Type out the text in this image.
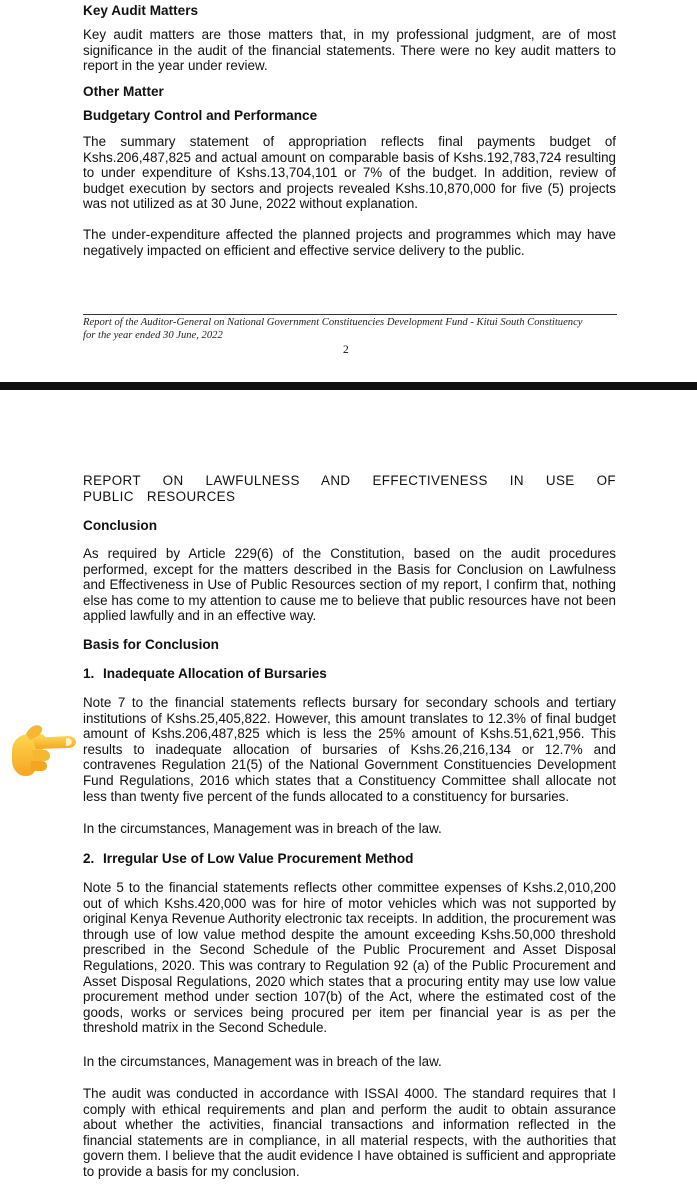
Key Audit Matters
Key audit matters are those matters that, in my professional judgment, are of most significance in the audit of the financial statements. There were no key audit matters to report in the year under review.
Other Matter
Budgetary Control and Performance
The summary statement of appropriation reflects final payments budget of Kshs.206,487,825 and actual amount on comparable basis of Kshs.192,783,724 resulting to under expenditure of Kshs.13,704,101 or 7% of the budget. In addition, review of budget execution by sectors and projects revealed Kshs.10,870,000 for five (5) projects was not utilized as at 30 June, 2022 without explanation.
The under-expenditure affected the planned projects and programmes which may have negatively impacted on efficient and effective service delivery to the public.
Report of the Auditor-General on National Government Constituencies Development Fund - Kitui South Constituency
for the year ended 30 June, 2022
2
REPORT ON LAWFULNESS AND EFFECTIVENESS IN USE OF PUBLIC RESOURCES
Conclusion
As required by Article 229(6) of the Constitution, based on the audit procedures performed, except for the matters described in the Basis for Conclusion on Lawfulness and Effectiveness in Use of Public Resources section of my report, I confirm that, nothing else has come to my attention to cause me to believe that public resources have not been applied lawfully and in an effective way.
Basis for Conclusion
1. Inadequate Allocation of Bursaries
Note 7 to the financial statements reflects bursary for secondary schools and tertiary institutions of Kshs.25,405,822. However, this amount translates to 12.3% of final budget amount of Kshs.206,487,825 which is less the 25% amount of Kshs.51,621,956. This results to inadequate allocation of bursaries of Kshs.26,216,134 or 12.7% and contravenes Regulation 21(5) of the National Government Constituencies Development Fund Regulations, 2016 which states that a Constituency Committee shall allocate not less than twenty five percent of the funds allocated to a constituency for bursaries.
In the circumstances, Management was in breach of the law.
2. Irregular Use of Low Value Procurement Method
Note 5 to the financial statements reflects other committee expenses of Kshs.2,010,200 out of which Kshs.420,000 was for hire of motor vehicles which was not supported by original Kenya Revenue Authority electronic tax receipts. In addition, the procurement was through use of low value method despite the amount exceeding Kshs.50,000 threshold prescribed in the Second Schedule of the Public Procurement and Asset Disposal Regulations, 2020. This was contrary to Regulation 92 (a) of the Public Procurement and Asset Disposal Regulations, 2020 which states that a procuring entity may use low value procurement method under section 107(b) of the Act, where the estimated cost of the goods, works or services being procured per item per financial year is as per the threshold matrix in the Second Schedule.
In the circumstances, Management was in breach of the law.
The audit was conducted in accordance with ISSAI 4000. The standard requires that I comply with ethical requirements and plan and perform the audit to obtain assurance about whether the activities, financial transactions and information reflected in the financial statements are in compliance, in all material respects, with the authorities that govern them. I believe that the audit evidence I have obtained is sufficient and appropriate to provide a basis for my conclusion.
